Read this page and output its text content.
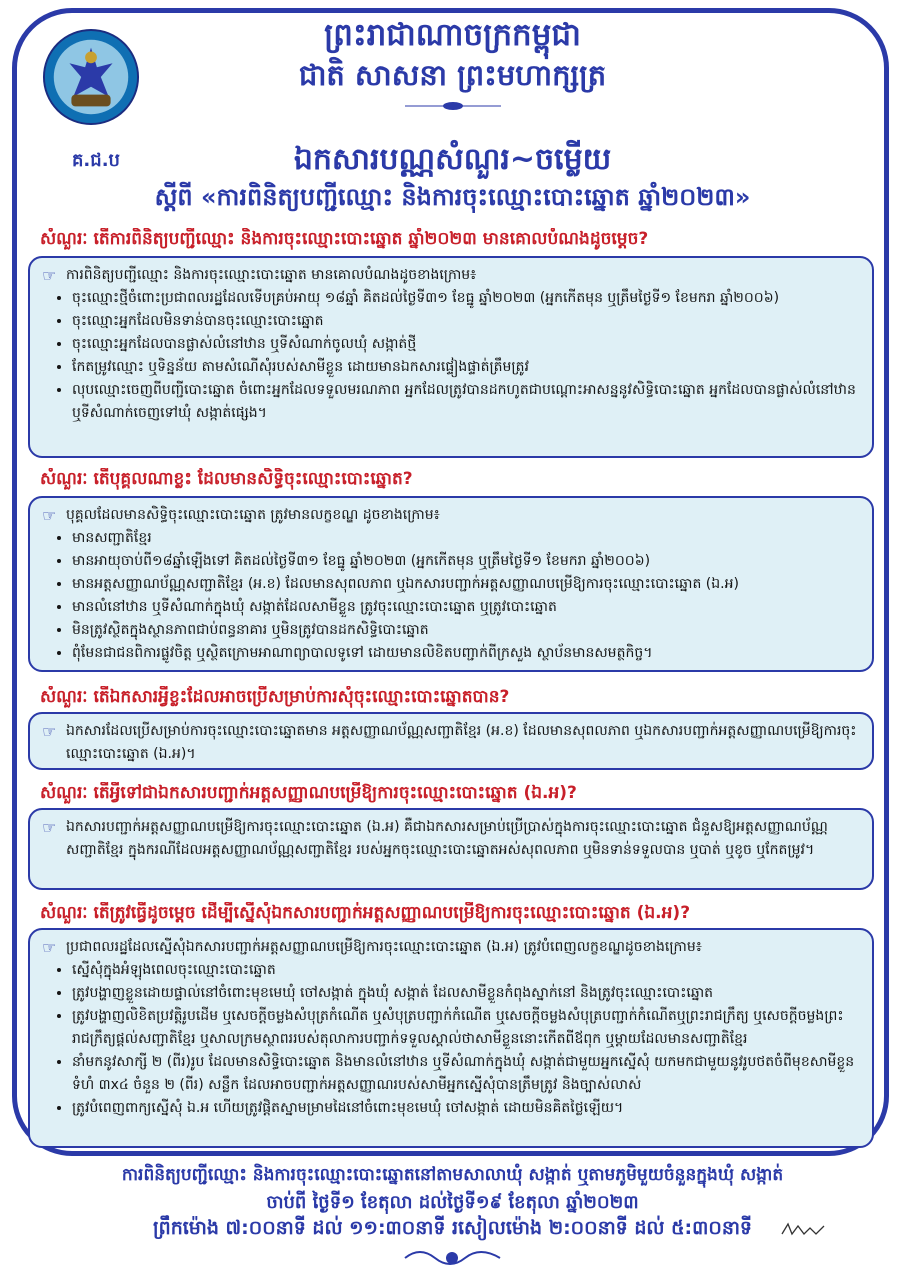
ព្រះរាជាណាចក្រកម្ពុជា
ជាតិ សាសនា ព្រះមហាក្សត្រ
គ.ជ.ប	ឯកសារបណ្ណសំណួរ~ចម្លើយ
ស្ដីពី «ការពិនិត្យបញ្ជីឈ្មោះ និងការចុះឈ្មោះបោះឆ្នោត ឆ្នាំ២០២៣»
សំណួរៈ តើការពិនិត្យបញ្ជីឈ្មោះ និងការចុះឈ្មោះបោះឆ្នោត ឆ្នាំ២០២៣ មានគោលបំណងដូចម្ដេច?
☞ ការពិនិត្យបញ្ជីឈ្មោះ និងការចុះឈ្មោះបោះឆ្នោត មានគោលបំណងដូចខាងក្រោម៖
• ចុះឈ្មោះថ្មីចំពោះប្រជាពលរដ្ឋដែលទើបគ្រប់អាយុ ១៨ឆ្នាំ គិតដល់ថ្ងៃទី៣១ ខែធ្នូ ឆ្នាំ២០២៣ (អ្នកកើតមុន ឬត្រឹមថ្ងៃទី១ ខែមករា ឆ្នាំ២០០៦)
• ចុះឈ្មោះអ្នកដែលមិនទាន់បានចុះឈ្មោះបោះឆ្នោត
• ចុះឈ្មោះអ្នកដែលបានផ្លាស់លំនៅឋាន ឬទីសំណាក់ចូលឃុំ សង្កាត់ថ្មី
• កែតម្រូវឈ្មោះ ឬទិន្នន័យ តាមសំណើសុំរបស់សាមីខ្លួន ដោយមានឯកសារផ្ទៀងផ្ទាត់ត្រឹមត្រូវ
• លុបឈ្មោះចេញពីបញ្ជីបោះឆ្នោត ចំពោះអ្នកដែលទទួលមរណភាព អ្នកដែលត្រូវបានដកហូតជាបណ្ដោះអាសន្ននូវសិទ្ធិបោះឆ្នោត អ្នកដែលបានផ្លាស់លំនៅឋាន ឬទីសំណាក់ចេញទៅឃុំ សង្កាត់ផ្សេង។
សំណួរៈ តើបុគ្គលណាខ្លះ ដែលមានសិទ្ធិចុះឈ្មោះបោះឆ្នោត?
☞ បុគ្គលដែលមានសិទ្ធិចុះឈ្មោះបោះឆ្នោត ត្រូវមានលក្ខខណ្ឌ ដូចខាងក្រោម៖
• មានសញ្ជាតិខ្មែរ
• មានអាយុចាប់ពី១៨ឆ្នាំឡើងទៅ គិតដល់ថ្ងៃទី៣១ ខែធ្នូ ឆ្នាំ២០២៣ (អ្នកកើតមុន ឬត្រឹមថ្ងៃទី១ ខែមករា ឆ្នាំ២០០៦)
• មានអត្តសញ្ញាណប័ណ្ណសញ្ជាតិខ្មែរ (អ.ខ) ដែលមានសុពលភាព ឬឯកសារបញ្ជាក់អត្តសញ្ញាណបម្រើឱ្យការចុះឈ្មោះបោះឆ្នោត (ឯ.អ)
• មានលំនៅឋាន ឬទីសំណាក់ក្នុងឃុំ សង្កាត់ដែលសាមីខ្លួន ត្រូវចុះឈ្មោះបោះឆ្នោត ឬត្រូវបោះឆ្នោត
• មិនត្រូវស្ថិតក្នុងស្ថានភាពជាប់ពន្ធនាគារ ឬមិនត្រូវបានដកសិទ្ធិបោះឆ្នោត
• ពុំមែនជាជនពិការផ្លូវចិត្ត ឬស្ថិតក្រោមអាណាព្យាបាលទូទៅ ដោយមានលិខិតបញ្ជាក់ពីក្រសួង ស្ថាប័នមានសមត្ថកិច្ច។
សំណួរៈ តើឯកសារអ្វីខ្លះដែលអាចប្រើសម្រាប់ការសុំចុះឈ្មោះបោះឆ្នោតបាន?
☞ ឯកសារដែលប្រើសម្រាប់ការចុះឈ្មោះបោះឆ្នោតមាន អត្តសញ្ញាណប័ណ្ណសញ្ជាតិខ្មែរ (អ.ខ) ដែលមានសុពលភាព ឬឯកសារបញ្ជាក់អត្តសញ្ញាណបម្រើឱ្យការចុះឈ្មោះបោះឆ្នោត (ឯ.អ)។
សំណួរៈ តើអ្វីទៅជាឯកសារបញ្ជាក់អត្តសញ្ញាណបម្រើឱ្យការចុះឈ្មោះបោះឆ្នោត (ឯ.អ)?
☞ ឯកសារបញ្ជាក់អត្តសញ្ញាណបម្រើឱ្យការចុះឈ្មោះបោះឆ្នោត (ឯ.អ) គឺជាឯកសារសម្រាប់ប្រើប្រាស់ក្នុងការចុះឈ្មោះបោះឆ្នោត ជំនួសឱ្យអត្តសញ្ញាណប័ណ្ណសញ្ជាតិខ្មែរ ក្នុងករណីដែលអត្តសញ្ញាណប័ណ្ណសញ្ជាតិខ្មែរ របស់អ្នកចុះឈ្មោះបោះឆ្នោតអស់សុពលភាព ឬមិនទាន់ទទួលបាន ឬបាត់ ឬខូច ឬកែតម្រូវ។
សំណួរៈ តើត្រូវធ្វើដូចម្ដេច ដើម្បីស្នើសុំឯកសារបញ្ជាក់អត្តសញ្ញាណបម្រើឱ្យការចុះឈ្មោះបោះឆ្នោត (ឯ.អ)?
☞ ប្រជាពលរដ្ឋដែលស្នើសុំឯកសារបញ្ជាក់អត្តសញ្ញាណបម្រើឱ្យការចុះឈ្មោះបោះឆ្នោត (ឯ.អ) ត្រូវបំពេញលក្ខខណ្ឌដូចខាងក្រោម៖
• ស្នើសុំក្នុងអំឡុងពេលចុះឈ្មោះបោះឆ្នោត
• ត្រូវបង្ហាញខ្លួនដោយផ្ទាល់នៅចំពោះមុខមេឃុំ ចៅសង្កាត់ ក្នុងឃុំ សង្កាត់ ដែលសាមីខ្លួនកំពុងស្នាក់នៅ និងត្រូវចុះឈ្មោះបោះឆ្នោត
• ត្រូវបង្ហាញលិខិតប្រវត្តិរូបដើម ឬសេចក្ដីចម្លងសំបុត្រកំណើត ឬសំបុត្របញ្ជាក់កំណើត ឬសេចក្ដីចម្លងសំបុត្របញ្ជាក់កំណើតឬព្រះរាជក្រឹត្យ ឬសេចក្ដីចម្លងព្រះរាជក្រឹត្យផ្ដល់សញ្ជាតិខ្មែរ ឬសាលក្រមស្ថាពររបស់តុលាការបញ្ជាក់ទទួលស្គាល់ថាសាមីខ្លួននោះកើតពីឪពុក ឬម្ដាយដែលមានសញ្ជាតិខ្មែរ
• នាំមកនូវសាក្សី ២ (ពីរ)រូប ដែលមានសិទ្ធិបោះឆ្នោត និងមានលំនៅឋាន ឬទីសំណាក់ក្នុងឃុំ សង្កាត់ជាមួយអ្នកស្នើសុំ យកមកជាមួយនូវរូបថតចំពីមុខសាមីខ្លួនទំហំ ៣x៤ ចំនួន ២ (ពីរ) សន្លឹក ដែលអាចបញ្ជាក់អត្តសញ្ញាណរបស់សាមីអ្នកស្នើសុំបានត្រឹមត្រូវ និងច្បាស់លាស់
• ត្រូវបំពេញពាក្យស្នើសុំ ឯ.អ ហើយត្រូវផ្ដិតស្នាមម្រាមដៃនៅចំពោះមុខមេឃុំ ចៅសង្កាត់ ដោយមិនគិតថ្លៃឡើយ។
ការពិនិត្យបញ្ជីឈ្មោះ និងការចុះឈ្មោះបោះឆ្នោតនៅតាមសាលាឃុំ សង្កាត់ ឬតាមភូមិមួយចំនួនក្នុងឃុំ សង្កាត់
ចាប់ពី ថ្ងៃទី១ ខែតុលា ដល់ថ្ងៃទី១៩ ខែតុលា ឆ្នាំ២០២៣
ព្រឹកម៉ោង ៧:០០នាទី ដល់ ១១:៣០នាទី រសៀលម៉ោង ២:០០នាទី ដល់ ៥:៣០នាទី
